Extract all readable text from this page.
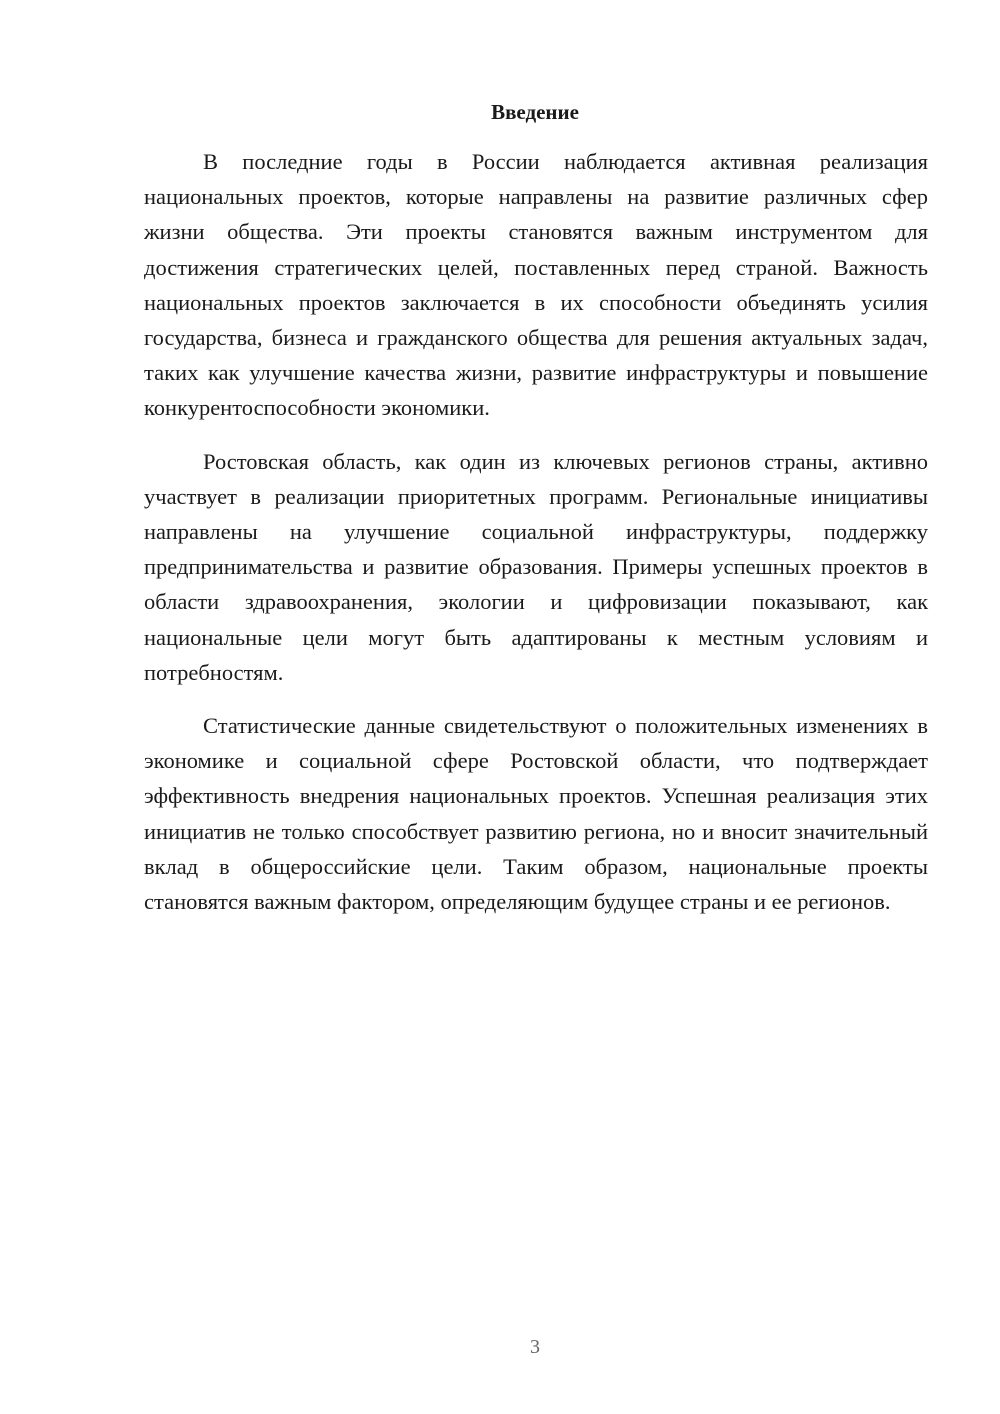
Введение

В последние годы в России наблюдается активная реализация национальных проектов, которые направлены на развитие различных сфер жизни общества. Эти проекты становятся важным инструментом для достижения стратегических целей, поставленных перед страной. Важность национальных проектов заключается в их способности объединять усилия государства, бизнеса и гражданского общества для решения актуальных задач, таких как улучшение качества жизни, развитие инфраструктуры и повышение конкурентоспособности экономики.

Ростовская область, как один из ключевых регионов страны, активно участвует в реализации приоритетных программ. Региональные инициативы направлены на улучшение социальной инфраструктуры, поддержку предпринимательства и развитие образования. Примеры успешных проектов в области здравоохранения, экологии и цифровизации показывают, как национальные цели могут быть адаптированы к местным условиям и потребностям.

Статистические данные свидетельствуют о положительных изменениях в экономике и социальной сфере Ростовской области, что подтверждает эффективность внедрения национальных проектов. Успешная реализация этих инициатив не только способствует развитию региона, но и вносит значительный вклад в общероссийские цели. Таким образом, национальные проекты становятся важным фактором, определяющим будущее страны и ее регионов.

3
